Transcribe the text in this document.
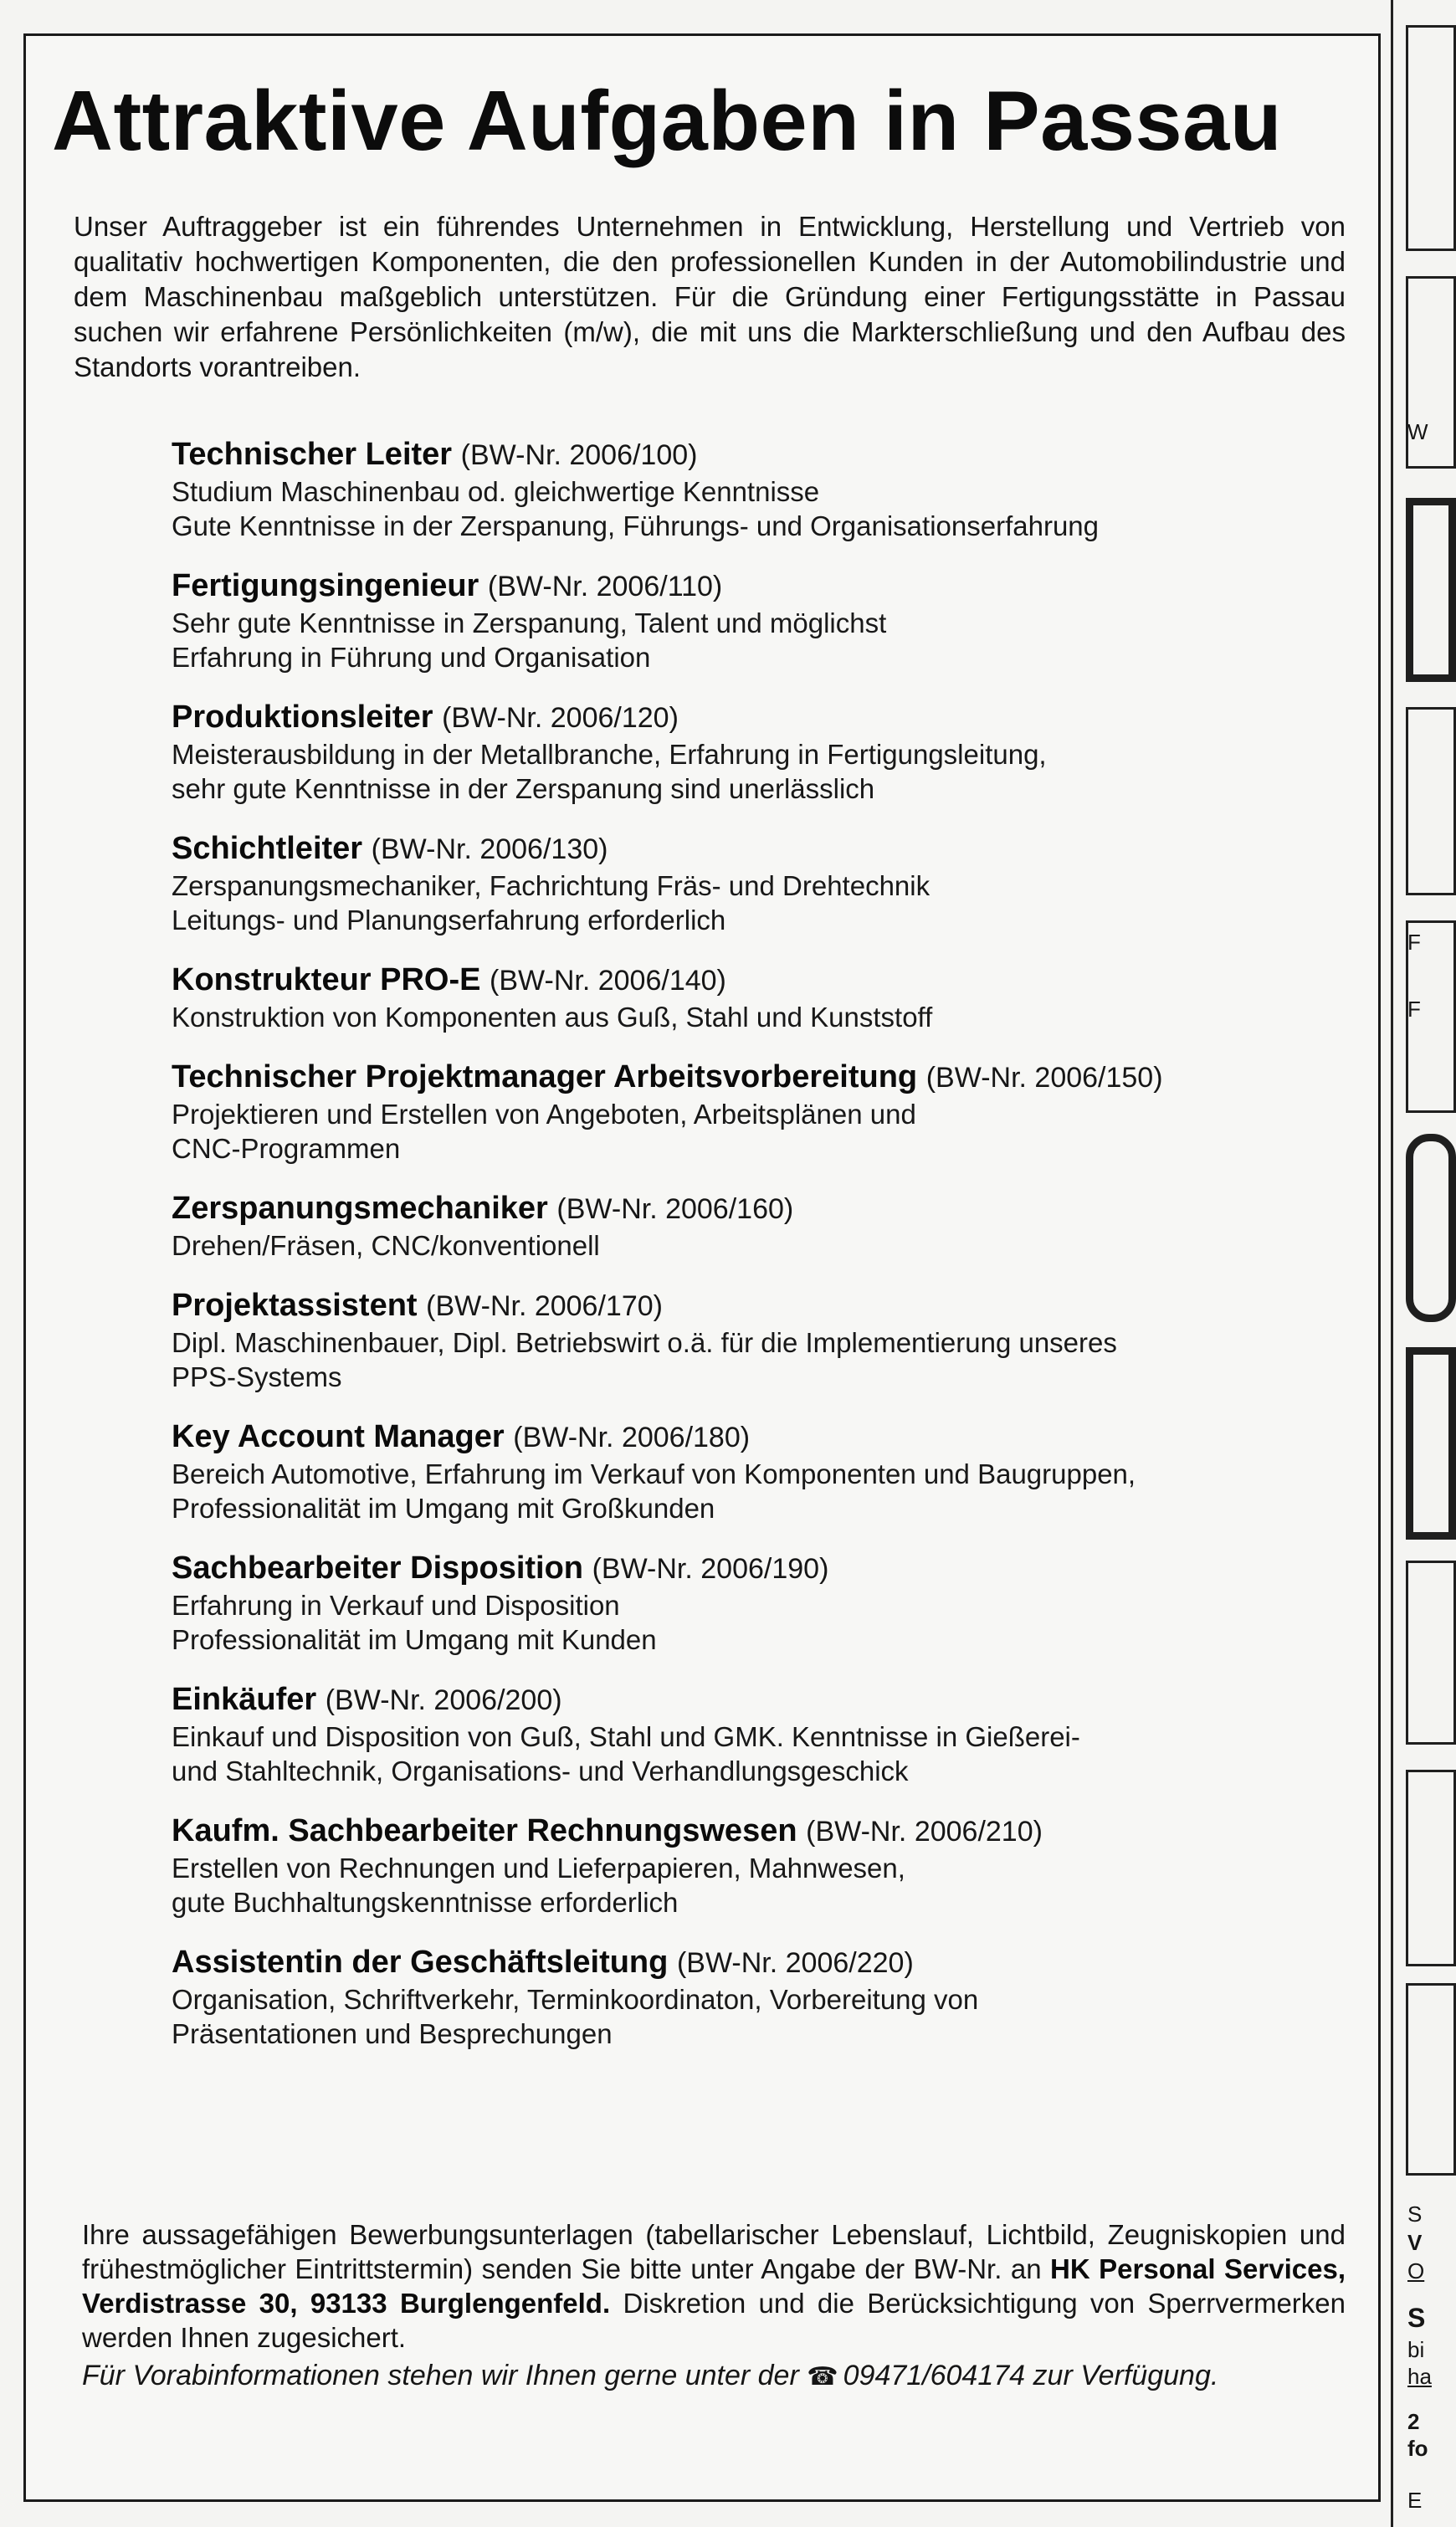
Attraktive Aufgaben in Passau

Unser Auftraggeber ist ein führendes Unternehmen in Entwicklung, Herstellung und Vertrieb von qualitativ hochwertigen Komponenten, die den professionellen Kunden in der Automobilindustrie und dem Maschinenbau maßgeblich unterstützen. Für die Gründung einer Fertigungsstätte in Passau suchen wir erfahrene Persönlichkeiten (m/w), die mit uns die Markterschließung und den Aufbau des Standorts vorantreiben.

Technischer Leiter (BW-Nr. 2006/100)
Studium Maschinenbau od. gleichwertige Kenntnisse
Gute Kenntnisse in der Zerspanung, Führungs- und Organisationserfahrung
Fertigungsingenieur (BW-Nr. 2006/110)
Sehr gute Kenntnisse in Zerspanung, Talent und möglichst
Erfahrung in Führung und Organisation
Produktionsleiter (BW-Nr. 2006/120)
Meisterausbildung in der Metallbranche, Erfahrung in Fertigungsleitung,
sehr gute Kenntnisse in der Zerspanung sind unerlässlich
Schichtleiter (BW-Nr. 2006/130)
Zerspanungsmechaniker, Fachrichtung Fräs- und Drehtechnik
Leitungs- und Planungserfahrung erforderlich
Konstrukteur PRO-E (BW-Nr. 2006/140)
Konstruktion von Komponenten aus Guß, Stahl und Kunststoff
Technischer Projektmanager Arbeitsvorbereitung (BW-Nr. 2006/150)
Projektieren und Erstellen von Angeboten, Arbeitsplänen und
CNC-Programmen
Zerspanungsmechaniker (BW-Nr. 2006/160)
Drehen/Fräsen, CNC/konventionell
Projektassistent (BW-Nr. 2006/170)
Dipl. Maschinenbauer, Dipl. Betriebswirt o.ä. für die Implementierung unseres
PPS-Systems
Key Account Manager (BW-Nr. 2006/180)
Bereich Automotive, Erfahrung im Verkauf von Komponenten und Baugruppen,
Professionalität im Umgang mit Großkunden
Sachbearbeiter Disposition (BW-Nr. 2006/190)
Erfahrung in Verkauf und Disposition
Professionalität im Umgang mit Kunden
Einkäufer (BW-Nr. 2006/200)
Einkauf und Disposition von Guß, Stahl und GMK. Kenntnisse in Gießerei-
und Stahltechnik, Organisations- und Verhandlungsgeschick
Kaufm. Sachbearbeiter Rechnungswesen (BW-Nr. 2006/210)
Erstellen von Rechnungen und Lieferpapieren, Mahnwesen,
gute Buchhaltungskenntnisse erforderlich
Assistentin der Geschäftsleitung (BW-Nr. 2006/220)
Organisation, Schriftverkehr, Terminkoordinaton, Vorbereitung von
Präsentationen und Besprechungen

Ihre aussagefähigen Bewerbungsunterlagen (tabellarischer Lebenslauf, Lichtbild, Zeugniskopien und frühestmöglicher Eintrittstermin) senden Sie bitte unter Angabe der BW-Nr. an HK Personal Services, Verdistrasse 30, 93133 Burglengenfeld. Diskretion und die Berücksichtigung von Sperrvermerken werden Ihnen zugesichert.

Für Vorabinformationen stehen wir Ihnen gerne unter der ☎ 09471/604174 zur Verfügung.

W
F
F
S
V
O
S
bi
ha
2
fo
E
